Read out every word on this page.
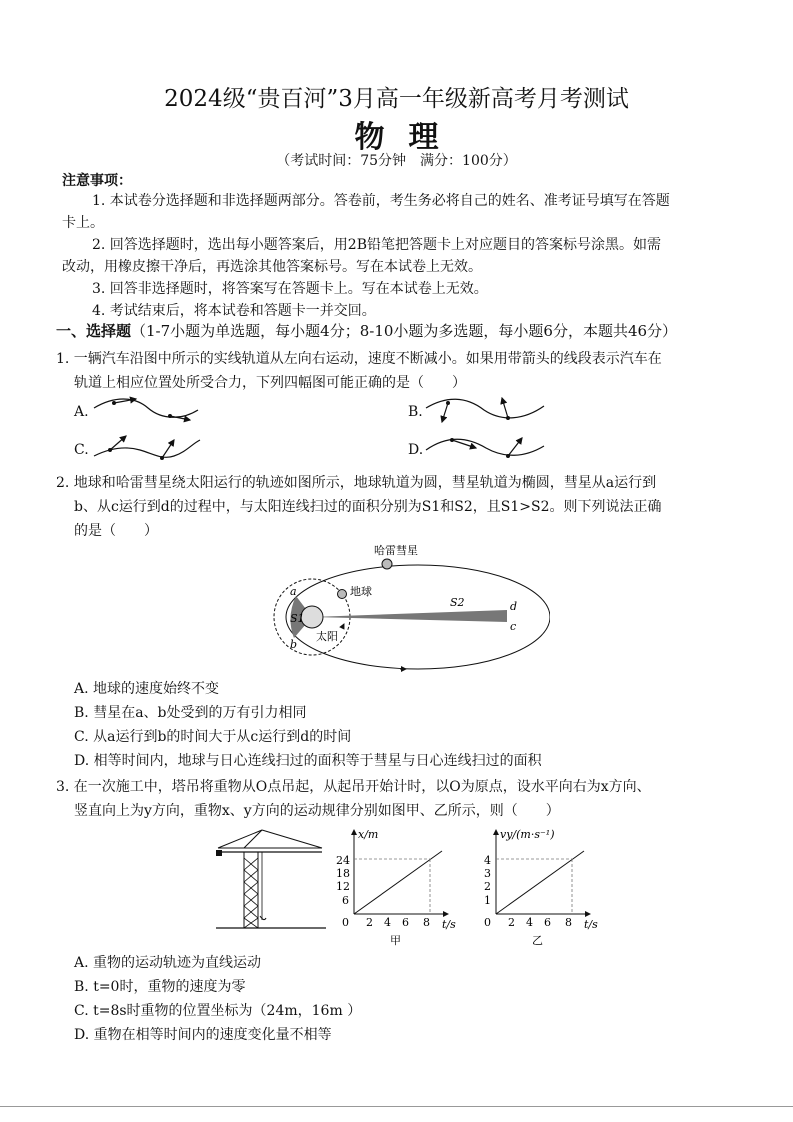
2024级“贵百河”3月高一年级新高考月考测试
物理
（考试时间：75分钟　满分：100分）
注意事项：
1. 本试卷分选择题和非选择题两部分。答卷前，考生务必将自己的姓名、准考证号填写在答题
卡上。
2. 回答选择题时，选出每小题答案后，用2B铅笔把答题卡上对应题目的答案标号涂黑。如需
改动，用橡皮擦干净后，再选涂其他答案标号。写在本试卷上无效。
3. 回答非选择题时，将答案写在答题卡上。写在本试卷上无效。
4. 考试结束后，将本试卷和答题卡一并交回。
一、选择题（1-7小题为单选题，每小题4分；8-10小题为多选题，每小题6分，本题共46分）
1. 一辆汽车沿图中所示的实线轨道从左向右运动，速度不断减小。如果用带箭头的线段表示汽车在
轨道上相应位置处所受合力，下列四幅图可能正确的是（　　）
A.	B.
C.	D.
2. 地球和哈雷彗星绕太阳运行的轨迹如图所示，地球轨道为圆，彗星轨道为椭圆，彗星从a运行到
b、从c运行到d的过程中，与太阳连线扫过的面积分别为S1和S2，且S1>S2。则下列说法正确
的是（　　）
哈雷彗星
地球
太阳
a
b
d
c
S1
S2
A. 地球的速度始终不变
B. 彗星在a、b处受到的万有引力相同
C. 从a运行到b的时间大于从c运行到d的时间
D. 相等时间内，地球与日心连线扫过的面积等于彗星与日心连线扫过的面积
3. 在一次施工中，塔吊将重物从O点吊起，从起吊开始计时，以O为原点，设水平向右为x方向、
竖直向上为y方向，重物x、y方向的运动规律分别如图甲、乙所示，则（　　）
x/m
t/s
甲
24
18
12
6
0 2 4 6 8
vy/(m·s⁻¹)
t/s
乙
4
3
2
1
0 2 4 6 8
A. 重物的运动轨迹为直线运动
B. t=0时，重物的速度为零
C. t=8s时重物的位置坐标为（24m，16m ）
D. 重物在相等时间内的速度变化量不相等
